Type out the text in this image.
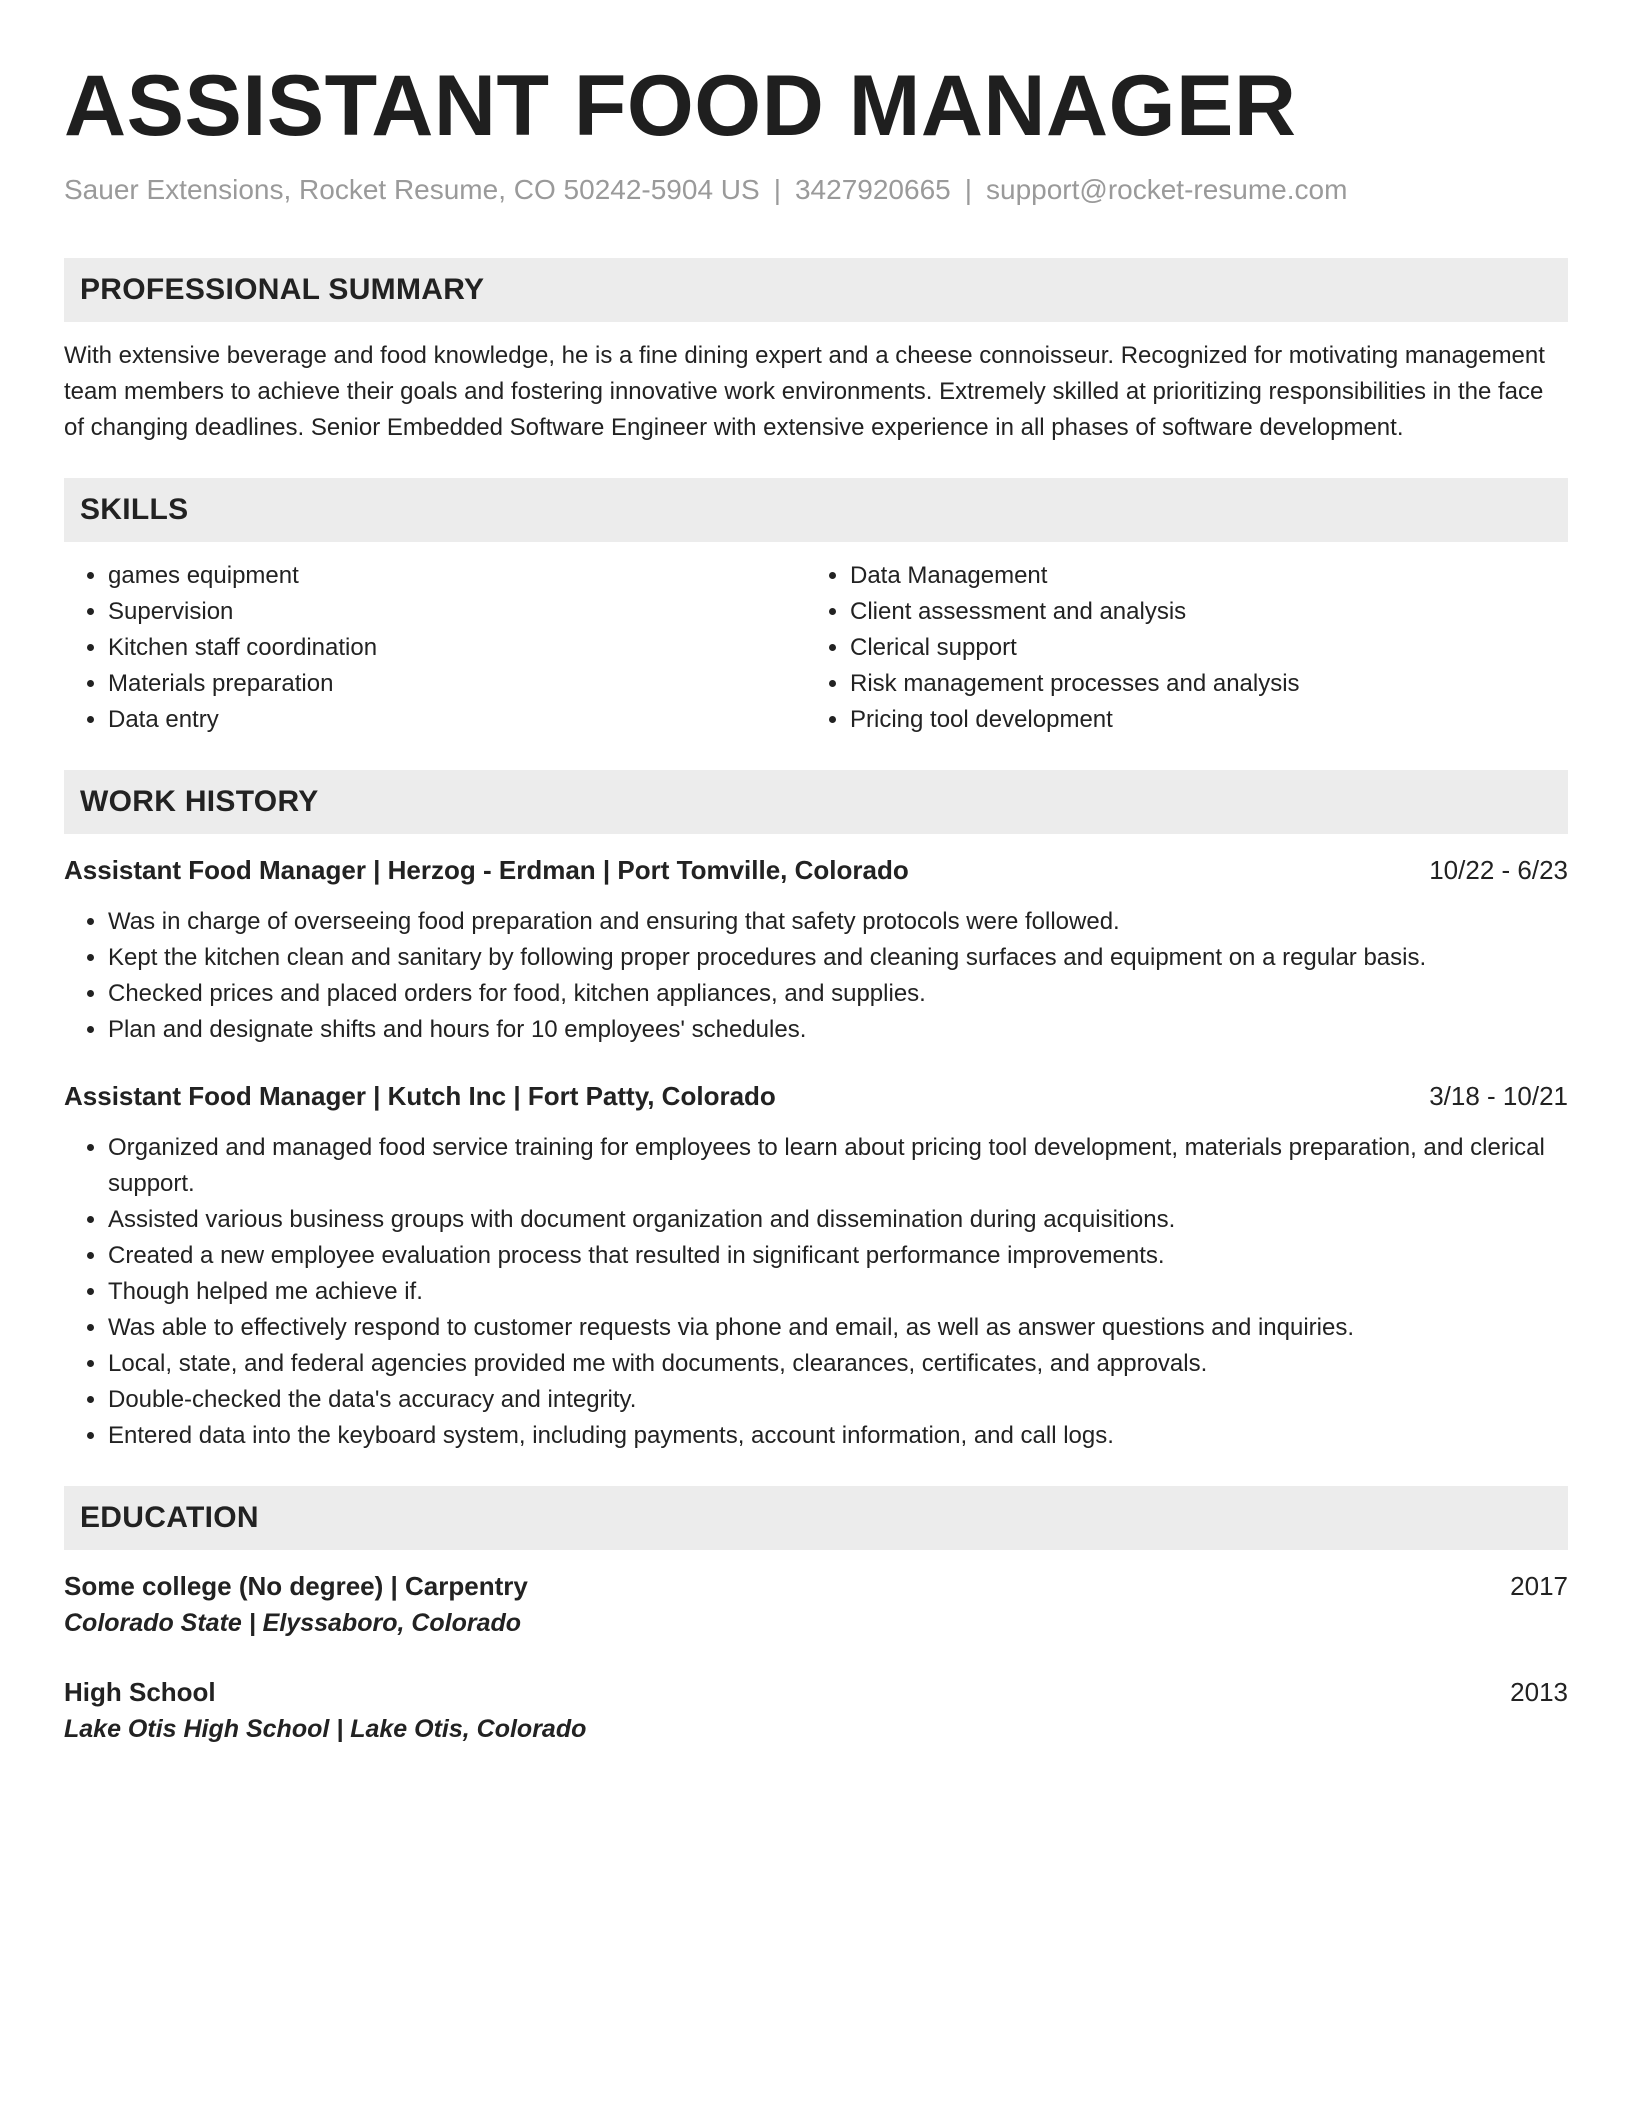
ASSISTANT FOOD MANAGER
Sauer Extensions, Rocket Resume, CO 50242-5904 US | 3427920665 | support@rocket-resume.com
PROFESSIONAL SUMMARY
With extensive beverage and food knowledge, he is a fine dining expert and a cheese connoisseur. Recognized for motivating management team members to achieve their goals and fostering innovative work environments. Extremely skilled at prioritizing responsibilities in the face of changing deadlines. Senior Embedded Software Engineer with extensive experience in all phases of software development.
SKILLS
• games equipment
• Supervision
• Kitchen staff coordination
• Materials preparation
• Data entry
• Data Management
• Client assessment and analysis
• Clerical support
• Risk management processes and analysis
• Pricing tool development
WORK HISTORY
Assistant Food Manager | Herzog - Erdman | Port Tomville, Colorado	10/22 - 6/23
• Was in charge of overseeing food preparation and ensuring that safety protocols were followed.
• Kept the kitchen clean and sanitary by following proper procedures and cleaning surfaces and equipment on a regular basis.
• Checked prices and placed orders for food, kitchen appliances, and supplies.
• Plan and designate shifts and hours for 10 employees' schedules.
Assistant Food Manager | Kutch Inc | Fort Patty, Colorado	3/18 - 10/21
• Organized and managed food service training for employees to learn about pricing tool development, materials preparation, and clerical support.
• Assisted various business groups with document organization and dissemination during acquisitions.
• Created a new employee evaluation process that resulted in significant performance improvements.
• Though helped me achieve if.
• Was able to effectively respond to customer requests via phone and email, as well as answer questions and inquiries.
• Local, state, and federal agencies provided me with documents, clearances, certificates, and approvals.
• Double-checked the data's accuracy and integrity.
• Entered data into the keyboard system, including payments, account information, and call logs.
EDUCATION
Some college (No degree) | Carpentry	2017
Colorado State | Elyssaboro, Colorado
High School	2013
Lake Otis High School | Lake Otis, Colorado
